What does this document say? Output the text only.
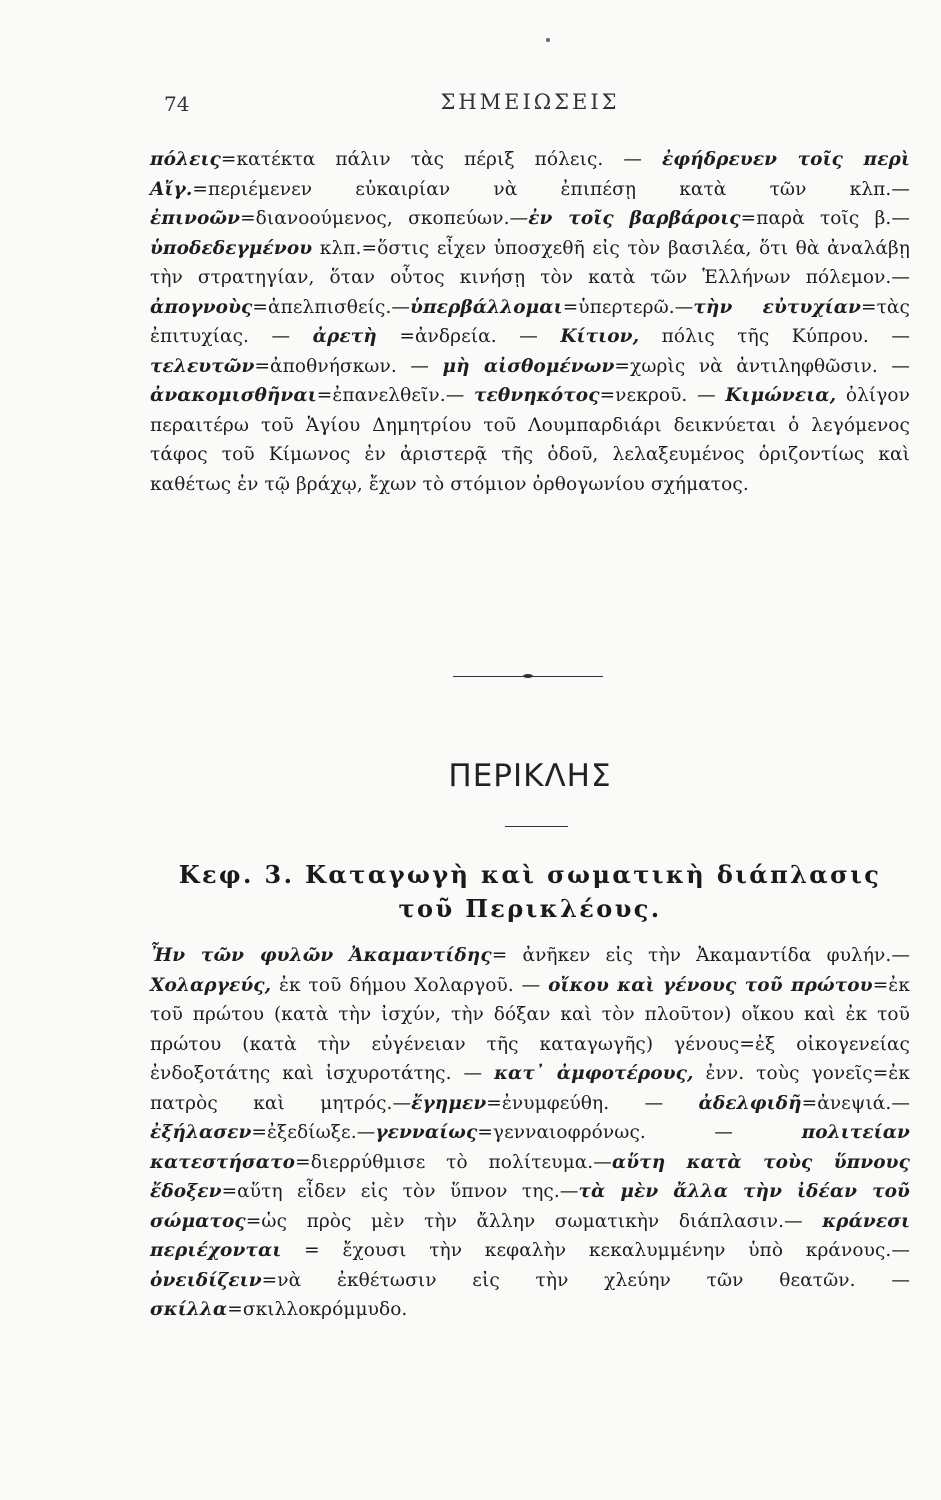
74	ΣΗΜΕΙΩΣΕΙΣ
πόλεις=κατέκτα πάλιν τὰς πέριξ πόλεις. — ἐφήδρευεν τοῖς περὶ Αἴγ.=περιέμενεν εὐκαιρίαν νὰ ἐπιπέσῃ κατὰ τῶν κλπ.— ἐπινοῶν=διανοούμενος, σκοπεύων.—ἐν τοῖς βαρβάροις=παρὰ τοῖς β.—ὑποδεδεγμένου κλπ.=ὅστις εἶχεν ὑποσχεθῆ εἰς τὸν βασιλέα, ὅτι θὰ ἀναλάβῃ τὴν στρατηγίαν, ὅταν οὗτος κινήσῃ τὸν κατὰ τῶν Ἑλλήνων πόλεμον.—ἀπογνοὺς=ἀπελπισθείς.—ὑπερβάλλομαι=ὑπερτερῶ.—τὴν εὐτυχίαν=τὰς ἐπιτυχίας. — ἀρετὴ =ἀνδρεία. — Κίτιον, πόλις τῆς Κύπρου. — τελευτῶν=ἀποθνήσκων. — μὴ αἰσθομένων=χωρὶς νὰ ἀντιληφθῶσιν. — ἀνακομισθῆναι=ἐπανελθεῖν.— τεθνηκότος=νεκροῦ. — Κιμώνεια, ὀλίγον περαιτέρω τοῦ Ἁγίου Δημητρίου τοῦ Λουμπαρδιάρι δεικνύεται ὁ λεγόμενος τάφος τοῦ Κίμωνος ἐν ἀριστερᾷ τῆς ὁδοῦ, λελαξευμένος ὁριζοντίως καὶ καθέτως ἐν τῷ βράχῳ, ἔχων τὸ στόμιον ὀρθογωνίου σχήματος.
ΠΕΡΙΚΛΗΣ
Κεφ. 3. Καταγωγὴ καὶ σωματικὴ διάπλασις τοῦ Περικλέους.
Ἦν τῶν φυλῶν Ἀκαμαντίδης= ἀνῆκεν εἰς τὴν Ἀκαμαντίδα φυλήν.—Χολαργεύς, ἐκ τοῦ δήμου Χολαργοῦ. — οἴκου καὶ γένους τοῦ πρώτου=ἐκ τοῦ πρώτου (κατὰ τὴν ἰσχύν, τὴν δόξαν καὶ τὸν πλοῦτον) οἴκου καὶ ἐκ τοῦ πρώτου (κατὰ τὴν εὐγένειαν τῆς καταγωγῆς) γένους=ἐξ οἰκογενείας ἐνδοξοτάτης καὶ ἰσχυροτάτης. — κατ᾽ ἀμφοτέρους, ἐνν. τοὺς γονεῖς=ἐκ πατρὸς καὶ μητρός.—ἔγημεν=ἐνυμφεύθη. — ἀδελφιδῆ=ἀνεψιά.— ἐξήλασεν=ἐξεδίωξε.—γενναίως=γενναιοφρόνως. — πολιτείαν κατεστήσατο=διερρύθμισε τὸ πολίτευμα.—αὕτη κατὰ τοὺς ὕπνους ἔδοξεν=αὕτη εἶδεν εἰς τὸν ὕπνον της.—τὰ μὲν ἄλλα τὴν ἰδέαν τοῦ σώματος=ὡς πρὸς μὲν τὴν ἄλλην σωματικὴν διάπλασιν.— κράνεσι περιέχονται = ἔχουσι τὴν κεφαλὴν κεκαλυμμένην ὑπὸ κράνους.—ὀνειδίζειν=νὰ ἐκθέτωσιν εἰς τὴν χλεύην τῶν θεατῶν. —σκίλλα=σκιλλοκρόμμυδο.
